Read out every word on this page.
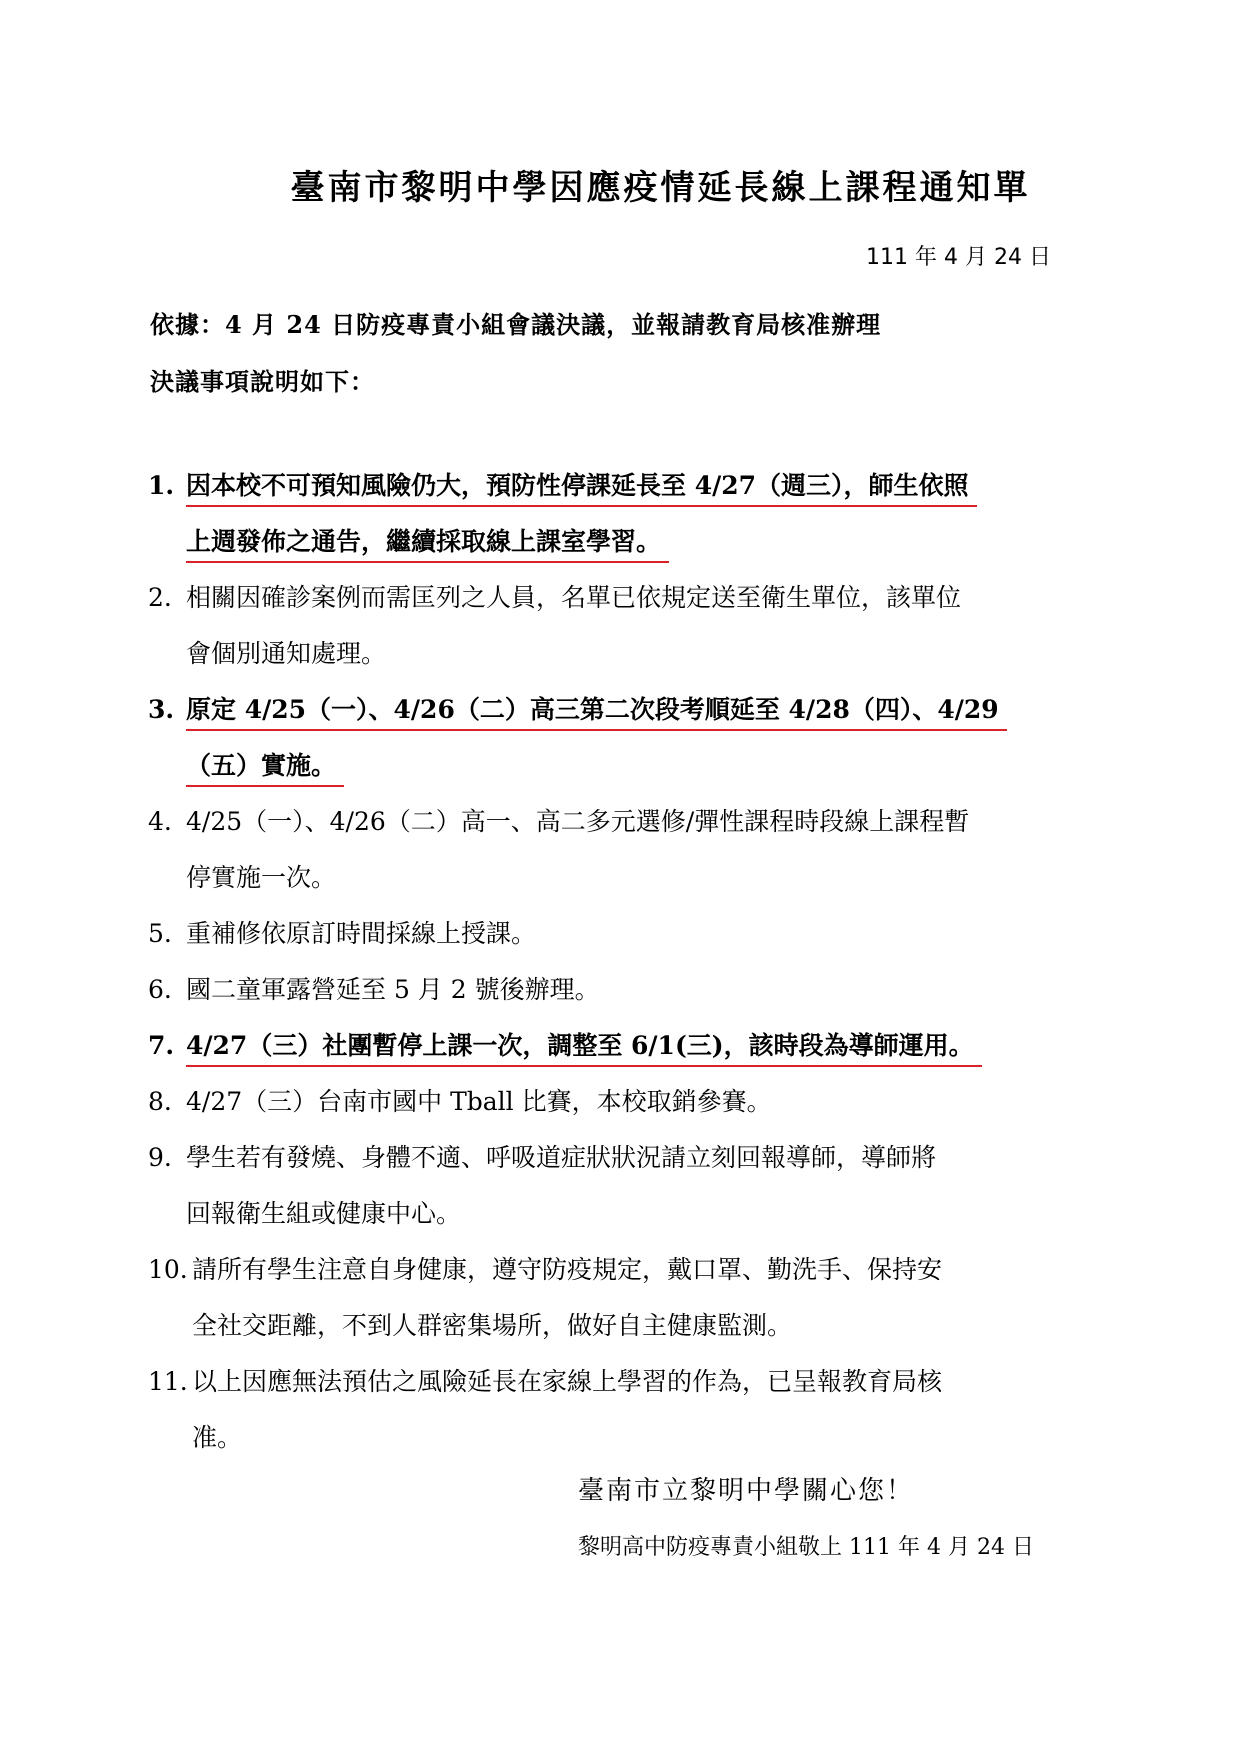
臺南市黎明中學因應疫情延長線上課程通知單
111 年 4 月 24 日
依據：4 月 24 日防疫專責小組會議決議，並報請教育局核准辦理
決議事項說明如下：
1. 因本校不可預知風險仍大，預防性停課延長至 4/27（週三），師生依照
上週發佈之通告，繼續採取線上課室學習。
2. 相關因確診案例而需匡列之人員，名單已依規定送至衛生單位，該單位
會個別通知處理。
3. 原定 4/25（一）、4/26（二）高三第二次段考順延至 4/28（四）、4/29
（五）實施。
4. 4/25（一）、4/26（二）高一、高二多元選修/彈性課程時段線上課程暫
停實施一次。
5. 重補修依原訂時間採線上授課。
6. 國二童軍露營延至 5 月 2 號後辦理。
7. 4/27（三）社團暫停上課一次，調整至 6/1(三)，該時段為導師運用。
8. 4/27（三）台南市國中 Tball 比賽，本校取銷參賽。
9. 學生若有發燒、身體不適、呼吸道症狀狀況請立刻回報導師，導師將
回報衛生組或健康中心。
10. 請所有學生注意自身健康，遵守防疫規定，戴口罩、勤洗手、保持安
全社交距離，不到人群密集場所，做好自主健康監測。
11. 以上因應無法預估之風險延長在家線上學習的作為，已呈報教育局核
准。
臺南市立黎明中學關心您！
黎明高中防疫專責小組敬上 111 年 4 月 24 日
